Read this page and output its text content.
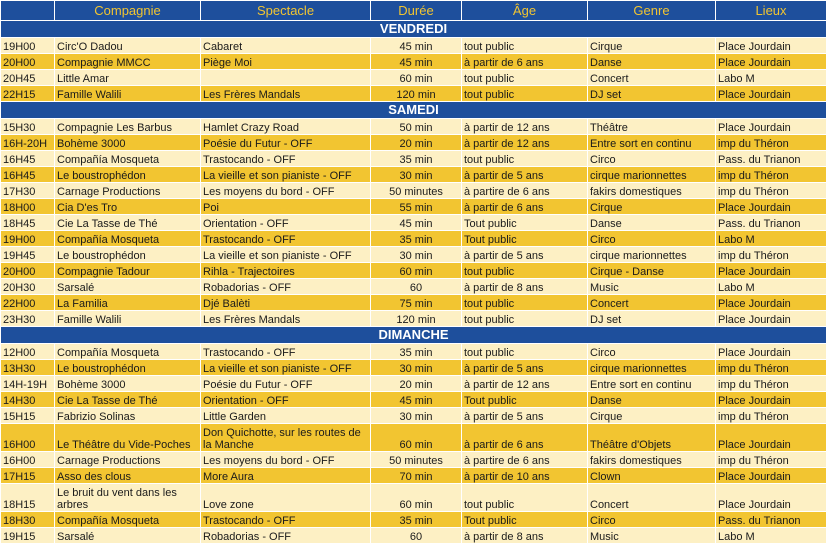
	Compagnie	Spectacle	Durée	Âge	Genre	Lieux
VENDREDI						
19H00	Circ'O Dadou	Cabaret	45 min	tout public	Cirque	Place Jourdain
20H00	Compagnie MMCC	Piège Moi	45 min	à partir de 6 ans	Danse	Place Jourdain
20H45	Little Amar		60 min	tout public	Concert	Labo M
22H15	Famille Walili	Les Frères Mandals	120 min	tout public	DJ set	Place Jourdain
SAMEDI						
15H30	Compagnie Les Barbus	Hamlet Crazy Road	50 min	à partir de 12 ans	Théâtre	Place Jourdain
16H-20H	Bohème 3000	Poésie du Futur - OFF	20 min	à partir de 12 ans	Entre sort en continu	imp du Théron
16H45	Compañía Mosqueta	Trastocando - OFF	35 min	tout public	Circo	Pass. du Trianon
16H45	Le boustrophédon	La vieille et son pianiste - OFF	30 min	à partir de 5 ans	cirque marionnettes	imp du Théron
17H30	Carnage Productions	Les moyens du bord - OFF	50 minutes	à partire de 6 ans	fakirs domestiques	imp du Théron
18H00	Cia D'es Tro	Poi	55 min	à partir de 6 ans	Cirque	Place Jourdain
18H45	Cie La Tasse de Thé	Orientation - OFF	45 min	Tout public	Danse	Pass. du Trianon
19H00	Compañía Mosqueta	Trastocando - OFF	35 min	Tout public	Circo	Labo M
19H45	Le boustrophédon	La vieille et son pianiste - OFF	30 min	à partir de 5 ans	cirque marionnettes	imp du Théron
20H00	Compagnie Tadour	Rihla - Trajectoires	60 min	tout public	Cirque - Danse	Place Jourdain
20H30	Sarsalé	Robadorias - OFF	60	à partir de 8 ans	Music	Labo M
22H00	La Familia	Djé Balèti	75 min	tout public	Concert	Place Jourdain
23H30	Famille Walili	Les Frères Mandals	120 min	tout public	DJ set	Place Jourdain
DIMANCHE						
12H00	Compañía Mosqueta	Trastocando - OFF	35 min	tout public	Circo	Place Jourdain
13H30	Le boustrophédon	La vieille et son pianiste - OFF	30 min	à partir de 5 ans	cirque marionnettes	imp du Théron
14H-19H	Bohème 3000	Poésie du Futur - OFF	20 min	à partir de 12 ans	Entre sort en continu	imp du Théron
14H30	Cie La Tasse de Thé	Orientation - OFF	45 min	Tout public	Danse	Place Jourdain
15H15	Fabrizio Solinas	Little Garden	30 min	à partir de 5 ans	Cirque	imp du Théron
16H00	Le Théâtre du Vide-Poches	Don Quichotte, sur les routes de la Manche	60 min	à partir de 6 ans	Théâtre d'Objets	Place Jourdain
16H00	Carnage Productions	Les moyens du bord - OFF	50 minutes	à partire de 6 ans	fakirs domestiques	imp du Théron
17H15	Asso des clous	More Aura	70 min	à partir de 10 ans	Clown	Place Jourdain
18H15	Le bruit du vent dans les arbres	Love zone	60 min	tout public	Concert	Place Jourdain
18H30	Compañía Mosqueta	Trastocando - OFF	35 min	Tout public	Circo	Pass. du Trianon
19H15	Sarsalé	Robadorias - OFF	60	à partir de 8 ans	Music	Labo M
